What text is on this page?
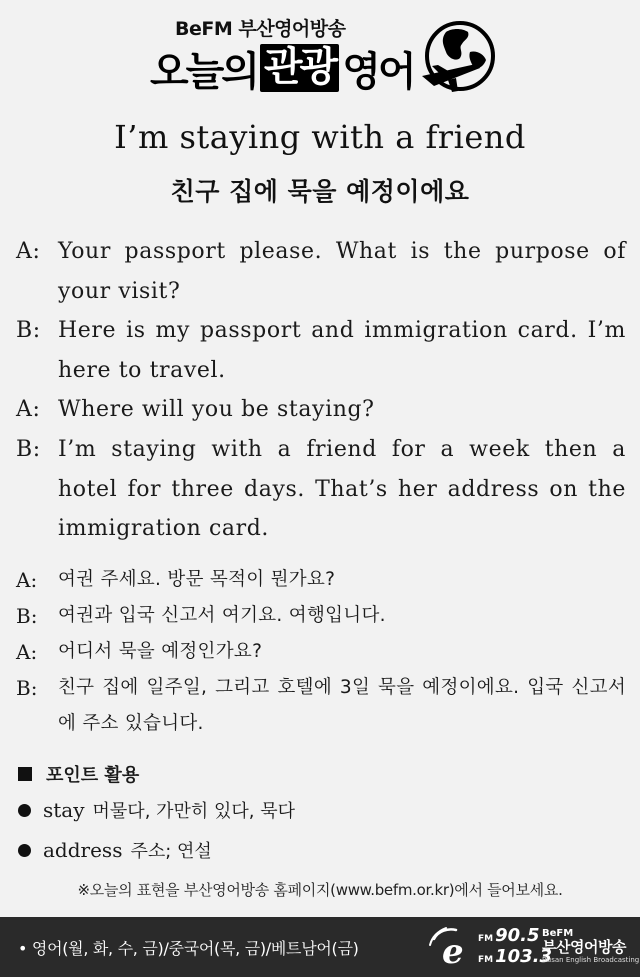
BeFM 부산영어방송
오늘의 관광 영어
I’m staying with a friend
친구 집에 묵을 예정이에요
A: Your passport please. What is the purpose of your visit?
B: Here is my passport and immigration card. I’m here to travel.
A: Where will you be staying?
B: I’m staying with a friend for a week then a hotel for three days. That’s her address on the immigration card.
A:	여권 주세요. 방문 목적이 뭔가요?
B:	여권과 입국 신고서 여기요. 여행입니다.
A:	어디서 묵을 예정인가요?
B:	친구 집에 일주일, 그리고 호텔에 3일 묵을 예정이에요. 입국 신고서에 주소 있습니다.
포인트 활용
stay 머물다, 가만히 있다, 묵다
address 주소; 연설
※오늘의 표현을 부산영어방송 홈페이지(www.befm.or.kr)에서 들어보세요.
• 영어(월, 화, 수, 금)/중국어(목, 금)/베트남어(금) e FM 90.5
FM 103.3
BeFM
부산영어방송
Busan English Broadcasting
